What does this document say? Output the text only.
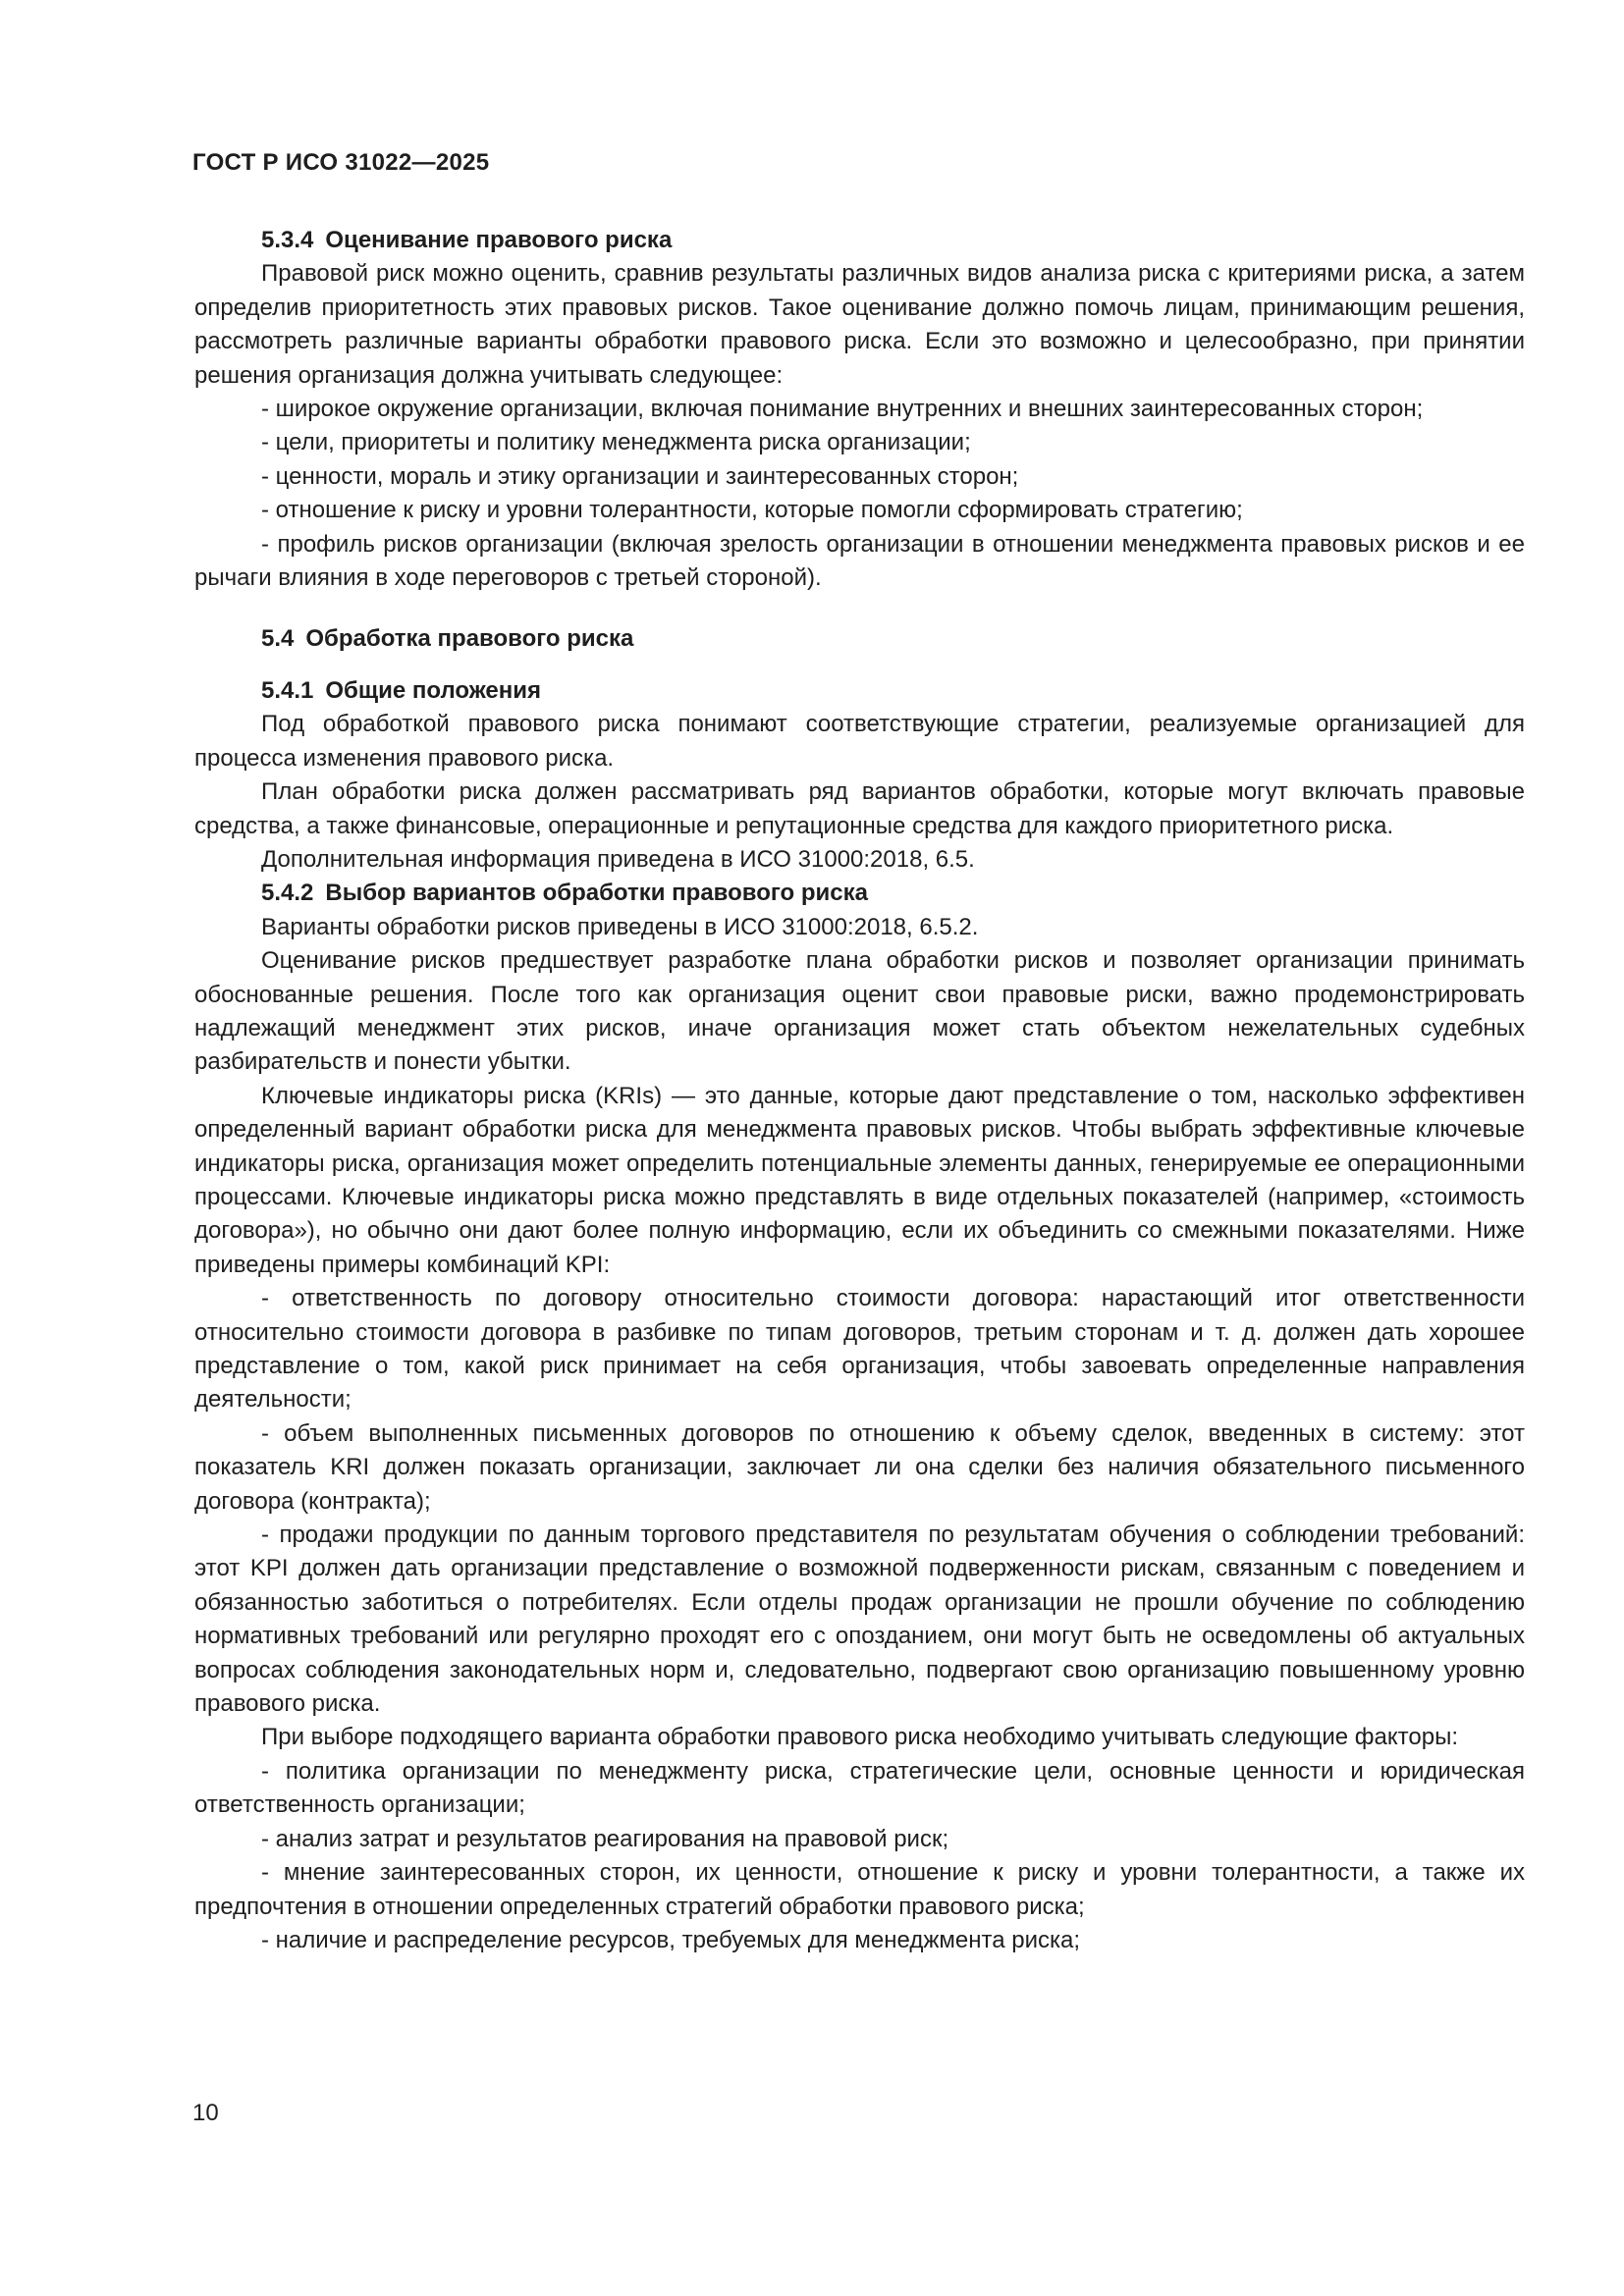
ГОСТ Р ИСО 31022—2025
5.3.4 Оценивание правового риска

Правовой риск можно оценить, сравнив результаты различных видов анализа риска с критериями риска, а затем определив приоритетность этих правовых рисков. Такое оценивание должно помочь лицам, принимающим решения, рассмотреть различные варианты обработки правового риска. Если это возможно и целесообразно, при принятии решения организация должна учитывать следующее:

- широкое окружение организации, включая понимание внутренних и внешних заинтересованных сторон;

- цели, приоритеты и политику менеджмента риска организации;

- ценности, мораль и этику организации и заинтересованных сторон;

- отношение к риску и уровни толерантности, которые помогли сформировать стратегию;

- профиль рисков организации (включая зрелость организации в отношении менеджмента правовых рисков и ее рычаги влияния в ходе переговоров с третьей стороной).

5.4 Обработка правового риска
5.4.1 Общие положения

Под обработкой правового риска понимают соответствующие стратегии, реализуемые организацией для процесса изменения правового риска.

План обработки риска должен рассматривать ряд вариантов обработки, которые могут включать правовые средства, а также финансовые, операционные и репутационные средства для каждого приоритетного риска.

Дополнительная информация приведена в ИСО 31000:2018, 6.5.

5.4.2 Выбор вариантов обработки правового риска

Варианты обработки рисков приведены в ИСО 31000:2018, 6.5.2.

Оценивание рисков предшествует разработке плана обработки рисков и позволяет организации принимать обоснованные решения. После того как организация оценит свои правовые риски, важно продемонстрировать надлежащий менеджмент этих рисков, иначе организация может стать объектом нежелательных судебных разбирательств и понести убытки.

Ключевые индикаторы риска (KRIs) — это данные, которые дают представление о том, насколько эффективен определенный вариант обработки риска для менеджмента правовых рисков. Чтобы выбрать эффективные ключевые индикаторы риска, организация может определить потенциальные элементы данных, генерируемые ее операционными процессами. Ключевые индикаторы риска можно представлять в виде отдельных показателей (например, «стоимость договора»), но обычно они дают более полную информацию, если их объединить со смежными показателями. Ниже приведены примеры комбинаций KPI:

- ответственность по договору относительно стоимости договора: нарастающий итог ответственности относительно стоимости договора в разбивке по типам договоров, третьим сторонам и т. д. должен дать хорошее представление о том, какой риск принимает на себя организация, чтобы завоевать определенные направления деятельности;

- объем выполненных письменных договоров по отношению к объему сделок, введенных в систему: этот показатель KRI должен показать организации, заключает ли она сделки без наличия обязательного письменного договора (контракта);

- продажи продукции по данным торгового представителя по результатам обучения о соблюдении требований: этот KPI должен дать организации представление о возможной подверженности рискам, связанным с поведением и обязанностью заботиться о потребителях. Если отделы продаж организации не прошли обучение по соблюдению нормативных требований или регулярно проходят его с опозданием, они могут быть не осведомлены об актуальных вопросах соблюдения законодательных норм и, следовательно, подвергают свою организацию повышенному уровню правового риска.

При выборе подходящего варианта обработки правового риска необходимо учитывать следующие факторы:

- политика организации по менеджменту риска, стратегические цели, основные ценности и юридическая ответственность организации;

- анализ затрат и результатов реагирования на правовой риск;

- мнение заинтересованных сторон, их ценности, отношение к риску и уровни толерантности, а также их предпочтения в отношении определенных стратегий обработки правового риска;

- наличие и распределение ресурсов, требуемых для менеджмента риска;

10
